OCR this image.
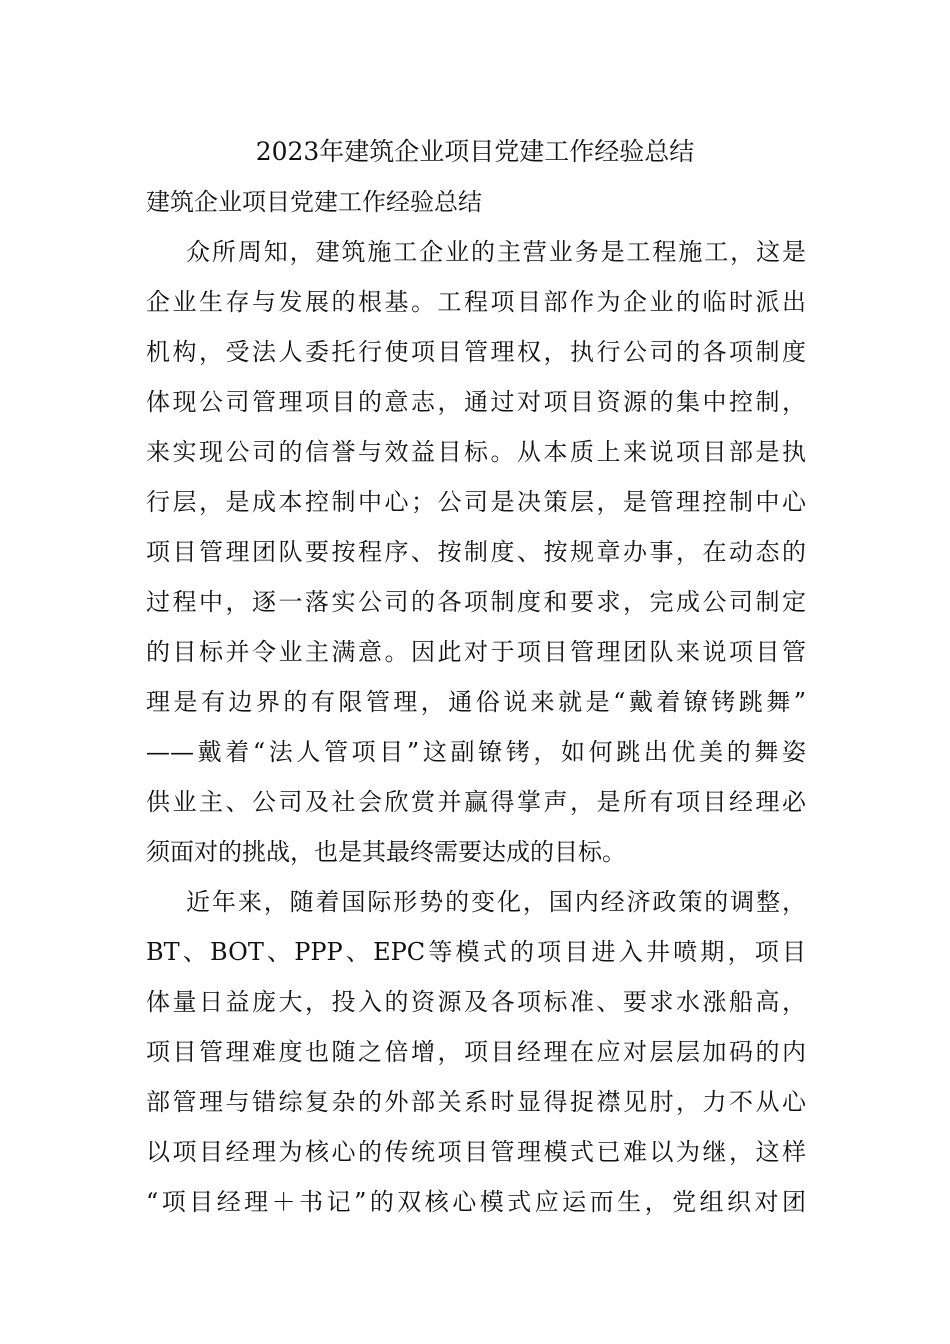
2023年建筑企业项目党建工作经验总结

建筑企业项目党建工作经验总结

众所周知，建筑施工企业的主营业务是工程施工，这是
企业生存与发展的根基。工程项目部作为企业的临时派出
机构，受法人委托行使项目管理权，执行公司的各项制度
体现公司管理项目的意志，通过对项目资源的集中控制，
来实现公司的信誉与效益目标。从本质上来说项目部是执
行层，是成本控制中心；公司是决策层，是管理控制中心
项目管理团队要按程序、按制度、按规章办事，在动态的
过程中，逐一落实公司的各项制度和要求，完成公司制定
的目标并令业主满意。因此对于项目管理团队来说项目管
理是有边界的有限管理，通俗说来就是“戴着镣铐跳舞”
——戴着“法人管项目”这副镣铐，如何跳出优美的舞姿
供业主、公司及社会欣赏并赢得掌声，是所有项目经理必
须面对的挑战，也是其最终需要达成的目标。
近年来，随着国际形势的变化，国内经济政策的调整，
BT、BOT、PPP、EPC等模式的项目进入井喷期，项目
体量日益庞大，投入的资源及各项标准、要求水涨船高，
项目管理难度也随之倍增，项目经理在应对层层加码的内
部管理与错综复杂的外部关系时显得捉襟见肘，力不从心
以项目经理为核心的传统项目管理模式已难以为继，这样
“项目经理＋书记”的双核心模式应运而生，党组织对团
